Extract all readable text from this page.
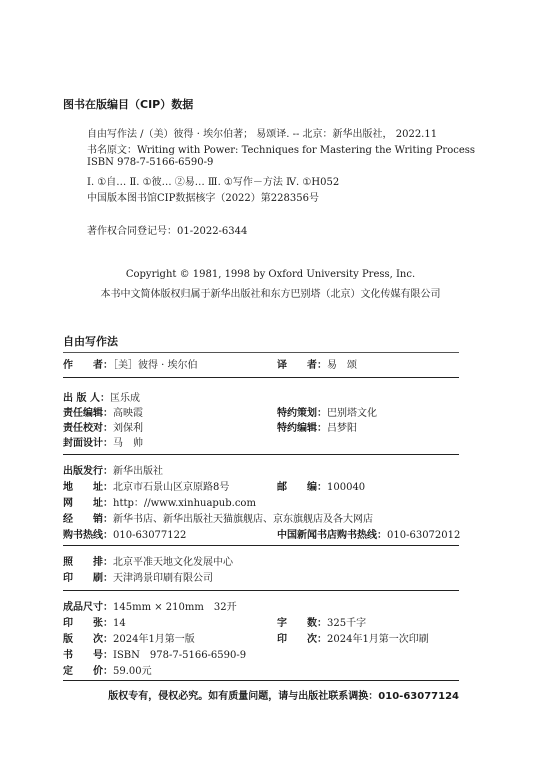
图书在版编目（CIP）数据
自由写作法 /（美）彼得 · 埃尔伯著； 易颂译. -- 北京：新华出版社， 2022.11
书名原文：Writing with Power: Techniques for Mastering the Writing Process
ISBN 978-7-5166-6590-9
Ⅰ. ①自… Ⅱ. ①彼… ②易… Ⅲ. ①写作－方法 Ⅳ. ①H052
中国版本图书馆CIP数据核字（2022）第228356号
著作权合同登记号：01-2022-6344
Copyright © 1981, 1998 by Oxford University Press, Inc.
本书中文简体版权归属于新华出版社和东方巴别塔（北京）文化传媒有限公司
自由写作法
作　　者：［美］彼得 · 埃尔伯	译　　者：易　颂
出 版 人：匡乐成
责任编辑：高映霞	特约策划：巴别塔文化
责任校对：刘保利	特约编辑：吕梦阳
封面设计：马　帅
出版发行：新华出版社
地　　址：北京市石景山区京原路8号	邮　　编：100040
网　　址：http：//www.xinhuapub.com
经　　销：新华书店、新华出版社天猫旗舰店、京东旗舰店及各大网店
购书热线：010-63077122	中国新闻书店购书热线：010-63072012
照　　排：北京平准天地文化发展中心
印　　刷：天津鸿景印刷有限公司
成品尺寸：145mm × 210mm　32开
印　　张：14	字　　数：325千字
版　　次：2024年1月第一版	印　　次：2024年1月第一次印刷
书　　号：ISBN　978-7-5166-6590-9
定　　价：59.00元
版权专有，侵权必究。如有质量问题，请与出版社联系调换：010-63077124
